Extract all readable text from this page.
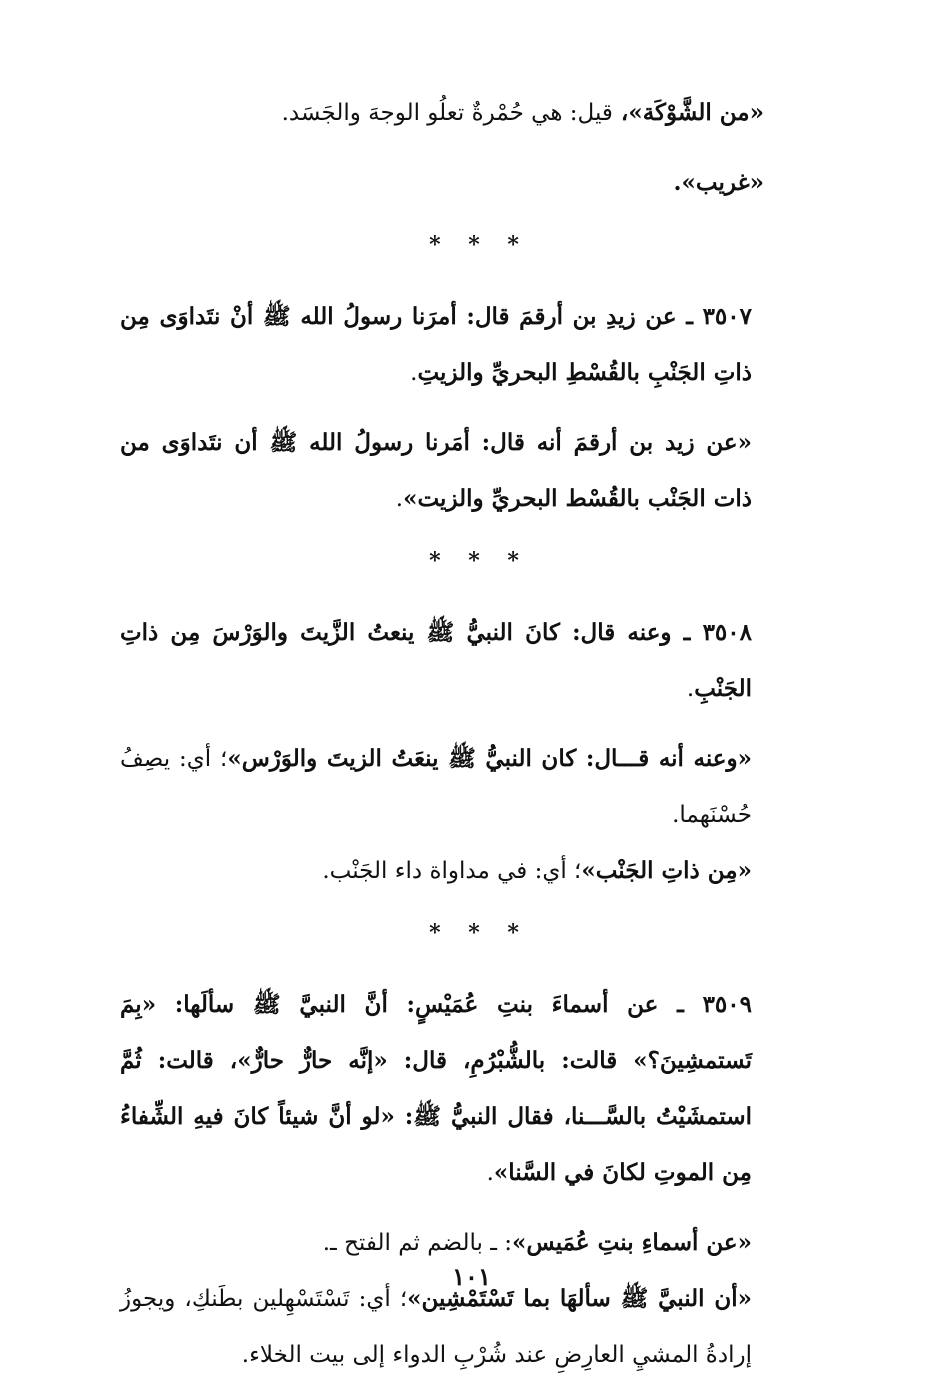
«من الشَّوْكَة»، قيل: هي حُمْرةٌ تعلُو الوجهَ والجَسَد.

«غريب».

* * *

٣٥٠٧ ـ عن زيدِ بن أرقمَ قال: أمرَنا رسولُ الله ﷺ أنْ نتَداوَى مِن ذاتِ الجَنْبِ بالقُسْطِ البحريِّ والزيتِ.

«عن زيد بن أرقمَ أنه قال: أمَرنا رسولُ الله ﷺ أن نتَداوَى من ذات الجَنْب بالقُسْط البحريِّ والزيت».

* * *

٣٥٠٨ ـ وعنه قال: كانَ النبيُّ ﷺ ينعتُ الزَّيتَ والوَرْسَ مِن ذاتِ الجَنْبِ.

«وعنه أنه قـــال: كان النبيُّ ﷺ ينعَتُ الزيتَ والوَرْس»؛ أي: يصِفُ حُسْنَهما.

«مِن ذاتِ الجَنْب»؛ أي: في مداواة داء الجَنْب.

* * *

٣٥٠٩ ـ عن أسماءَ بنتِ عُمَيْسٍ: أنَّ النبيَّ ﷺ سألَها: «بِمَ تَستمشِينَ؟» قالت: بالشُّبْرُمِ، قال: «إنَّه حارٌّ حارٌّ»، قالت: ثُمَّ استمشَيْتُ بالسَّـــنا، فقال النبيُّ ﷺ: «لو أنَّ شيئاً كانَ فيهِ الشِّفاءُ مِن الموتِ لكانَ في السَّنا».

«عن أسماءِ بنتِ عُمَيس»: ـ بالضم ثم الفتح ـ.

«أن النبيَّ ﷺ سألهَا بما تَسْتَمْشِين»؛ أي: تَسْتَسْهِلين بطَنكِ، ويجوزُ إرادةُ المشيِ العارِضِ عند شُرْبِ الدواء إلى بيت الخلاء.

١٠١
